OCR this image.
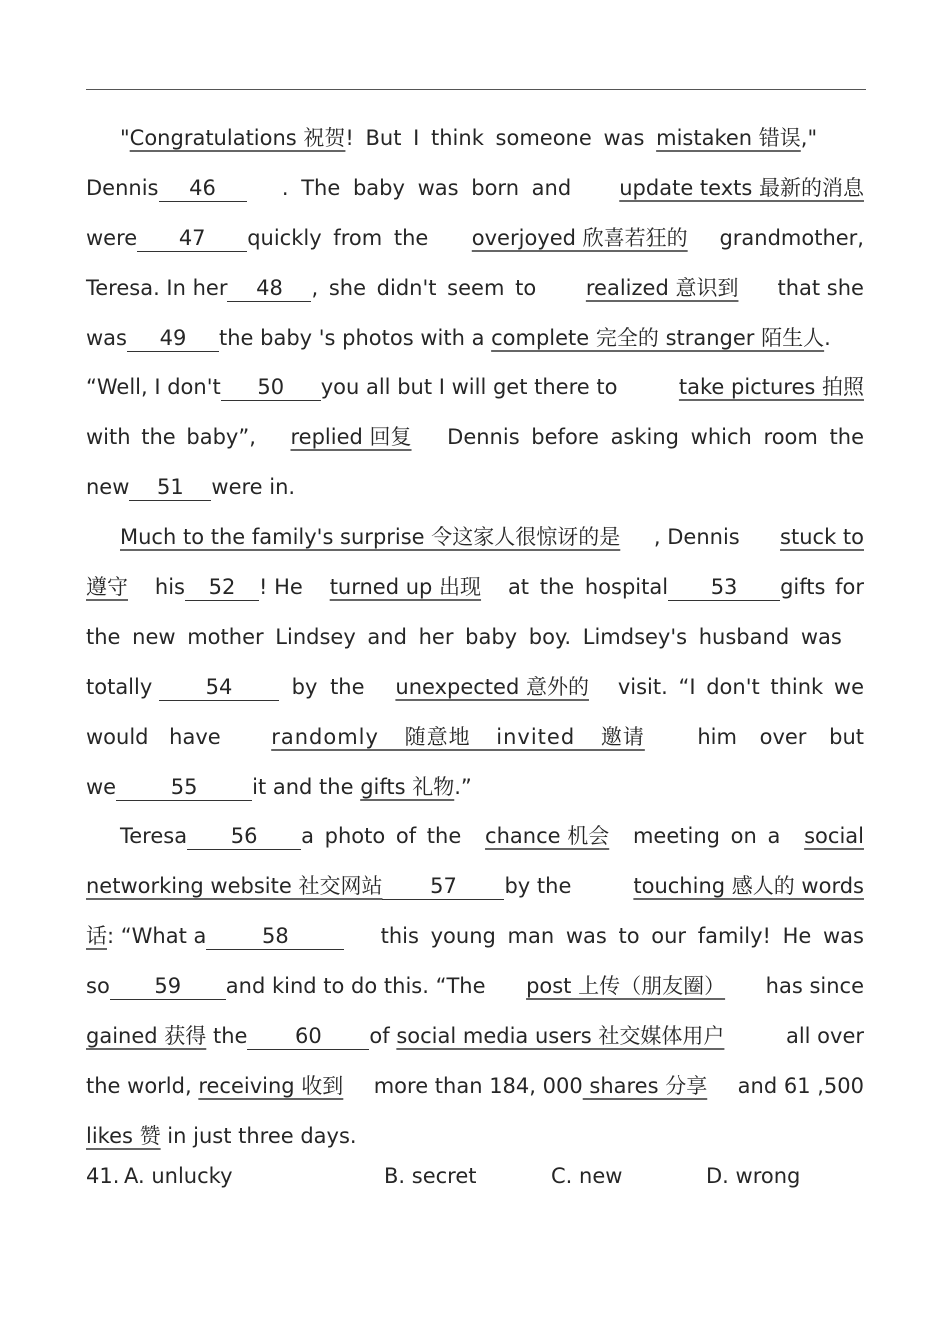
" Congratulations 祝贺 ! But I think someone was mistaken 错误 ,"
Dennis 46	. The baby was born and update texts 最新的消息
were 47 quickly from the overjoyed 欣喜若狂的 grandmother,
Teresa. In her 48 , she didn't seem to realized 意识到 that she
was	49	the baby 's photos with a complete 完全的 stranger 陌生人 .
“Well, I don't 50 you all but I will get there to	take pictures 拍照
with the baby”, replied 回复 Dennis before asking which room the
new	51	were in.
Much to the family's surprise 令这家人很惊讶的是 , Dennis stuck to
遵守 his 52 ! He turned up 出现 at the hospital 53 gifts for
the new mother Lindsey and her baby boy. Limdsey's husband was
totally 54 by the unexpected 意外的 visit. “I don't think we
would have randomly 随意地 invited 邀请 him over but
we	55	it and the gifts 礼物 .”
Teresa 56 a photo of the chance 机会 meeting on a social
networking website 社交网站 57 by the	touching 感人的 words
话: “What a	58	this young man was to our family! He was
so 59 and kind to do this. “The post 上传（朋友圈） has since
gained 获得 the 60 of social media users 社交媒体用户	all over
the world, receiving 收到 more than 184, 000 shares 分享 and 61 ,500
likes 赞 in just three days.
41. A. unlucky	B. secret	C. new	D. wrong
